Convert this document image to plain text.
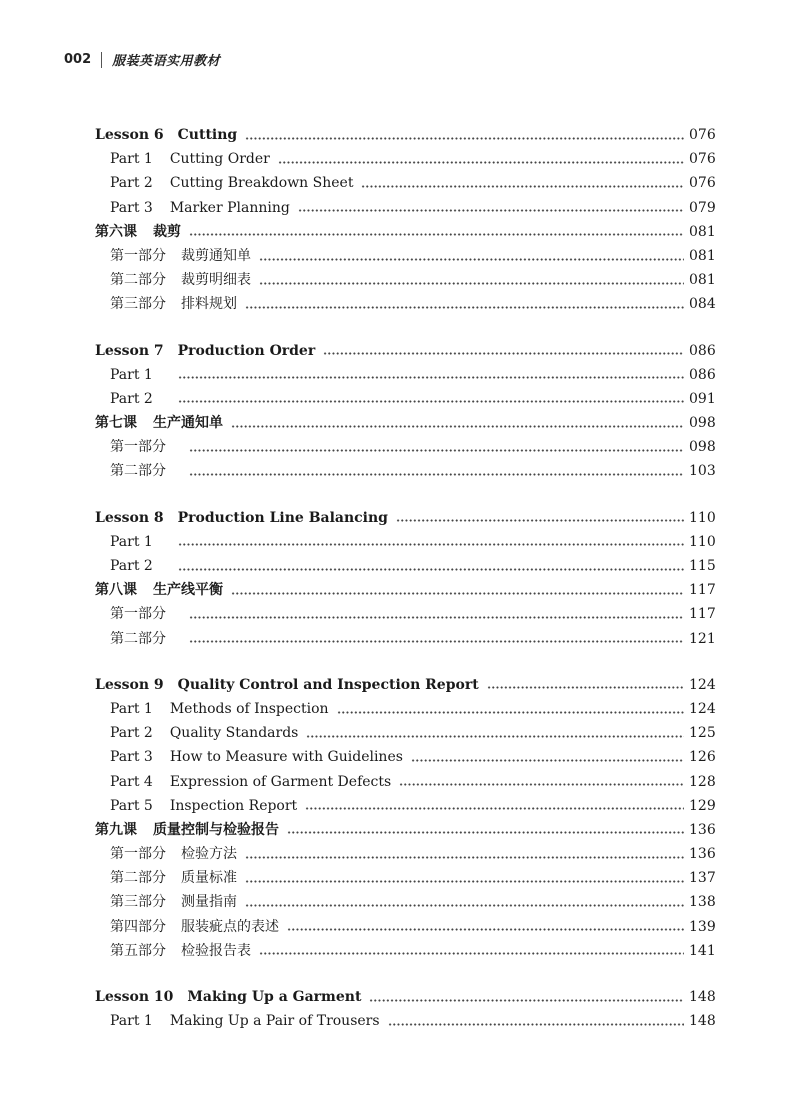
002 服装英语实用教材
Lesson 6 Cutting	076
Part 1 Cutting Order	076
Part 2 Cutting Breakdown Sheet	076
Part 3 Marker Planning	079
第六课 裁剪	081
第一部分 裁剪通知单	081
第二部分 裁剪明细表	081
第三部分 排料规划	084
Lesson 7 Production Order	086
Part 1	086
Part 2	091
第七课 生产通知单	098
第一部分	098
第二部分	103
Lesson 8 Production Line Balancing	110
Part 1	110
Part 2	115
第八课 生产线平衡	117
第一部分	117
第二部分	121
Lesson 9 Quality Control and Inspection Report	124
Part 1 Methods of Inspection	124
Part 2 Quality Standards	125
Part 3 How to Measure with Guidelines	126
Part 4 Expression of Garment Defects	128
Part 5 Inspection Report	129
第九课 质量控制与检验报告	136
第一部分 检验方法	136
第二部分 质量标准	137
第三部分 测量指南	138
第四部分 服装疵点的表述	139
第五部分 检验报告表	141
Lesson 10 Making Up a Garment	148
Part 1 Making Up a Pair of Trousers	148
